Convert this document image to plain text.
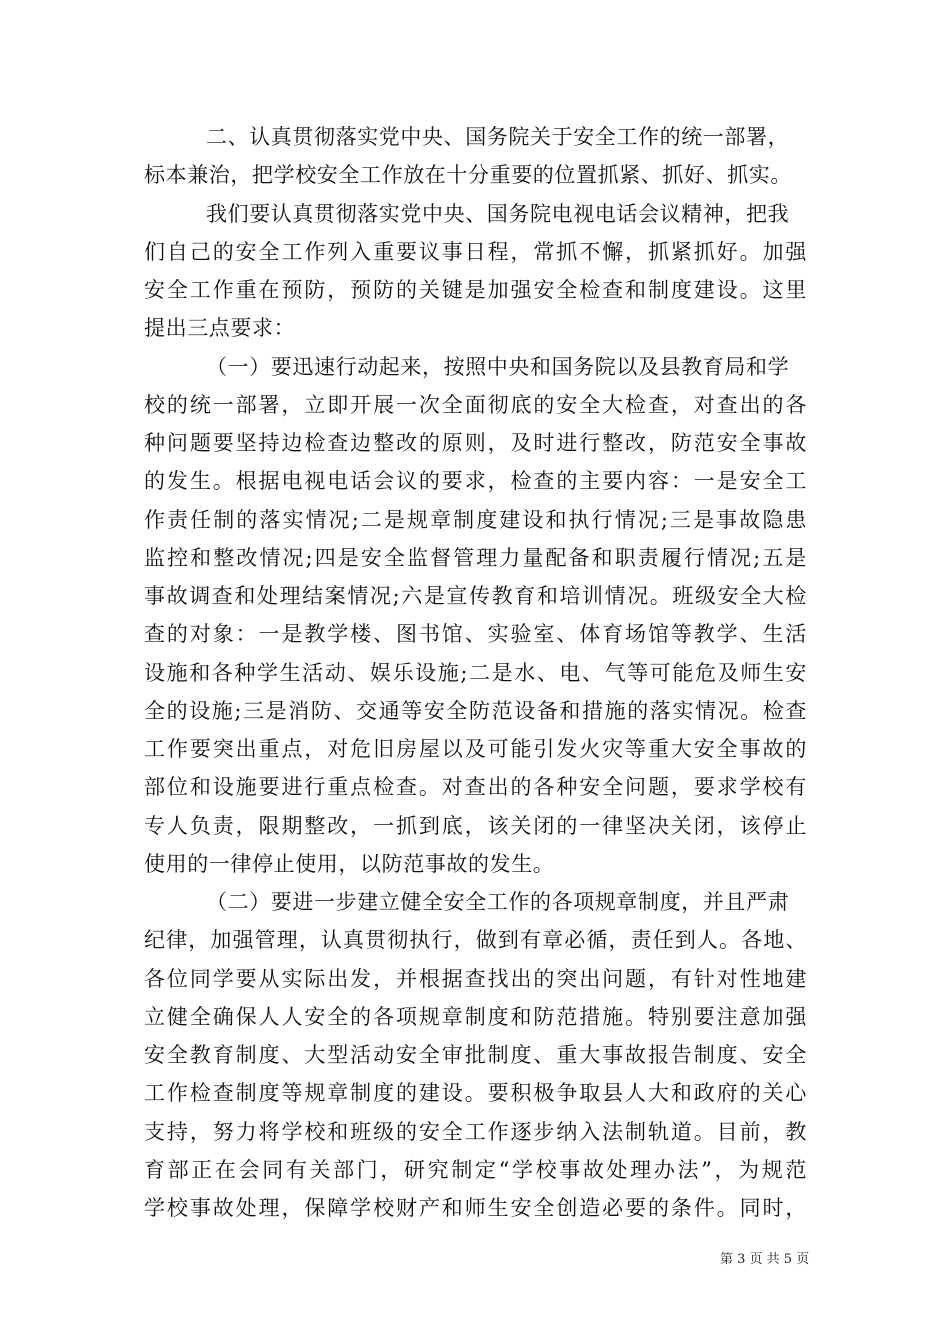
二、认真贯彻落实党中央、国务院关于安全工作的统一部署，
标本兼治，把学校安全工作放在十分重要的位置抓紧、抓好、抓实。
我们要认真贯彻落实党中央、国务院电视电话会议精神，把我
们自己的安全工作列入重要议事日程，常抓不懈，抓紧抓好。加强
安全工作重在预防，预防的关键是加强安全检查和制度建设。这里
提出三点要求：
（一）要迅速行动起来，按照中央和国务院以及县教育局和学
校的统一部署，立即开展一次全面彻底的安全大检查，对查出的各
种问题要坚持边检查边整改的原则，及时进行整改，防范安全事故
的发生。根据电视电话会议的要求，检查的主要内容：一是安全工
作责任制的落实情况;二是规章制度建设和执行情况;三是事故隐患
监控和整改情况;四是安全监督管理力量配备和职责履行情况;五是
事故调查和处理结案情况;六是宣传教育和培训情况。班级安全大检
查的对象：一是教学楼、图书馆、实验室、体育场馆等教学、生活
设施和各种学生活动、娱乐设施;二是水、电、气等可能危及师生安
全的设施;三是消防、交通等安全防范设备和措施的落实情况。检查
工作要突出重点，对危旧房屋以及可能引发火灾等重大安全事故的
部位和设施要进行重点检查。对查出的各种安全问题，要求学校有
专人负责，限期整改，一抓到底，该关闭的一律坚决关闭，该停止
使用的一律停止使用，以防范事故的发生。
（二）要进一步建立健全安全工作的各项规章制度，并且严肃
纪律，加强管理，认真贯彻执行，做到有章必循，责任到人。各地、
各位同学要从实际出发，并根据查找出的突出问题，有针对性地建
立健全确保人人安全的各项规章制度和防范措施。特别要注意加强
安全教育制度、大型活动安全审批制度、重大事故报告制度、安全
工作检查制度等规章制度的建设。要积极争取县人大和政府的关心
支持，努力将学校和班级的安全工作逐步纳入法制轨道。目前，教
育部正在会同有关部门，研究制定“学校事故处理办法”，为规范
学校事故处理，保障学校财产和师生安全创造必要的条件。同时，
第 3 页 共 5 页
